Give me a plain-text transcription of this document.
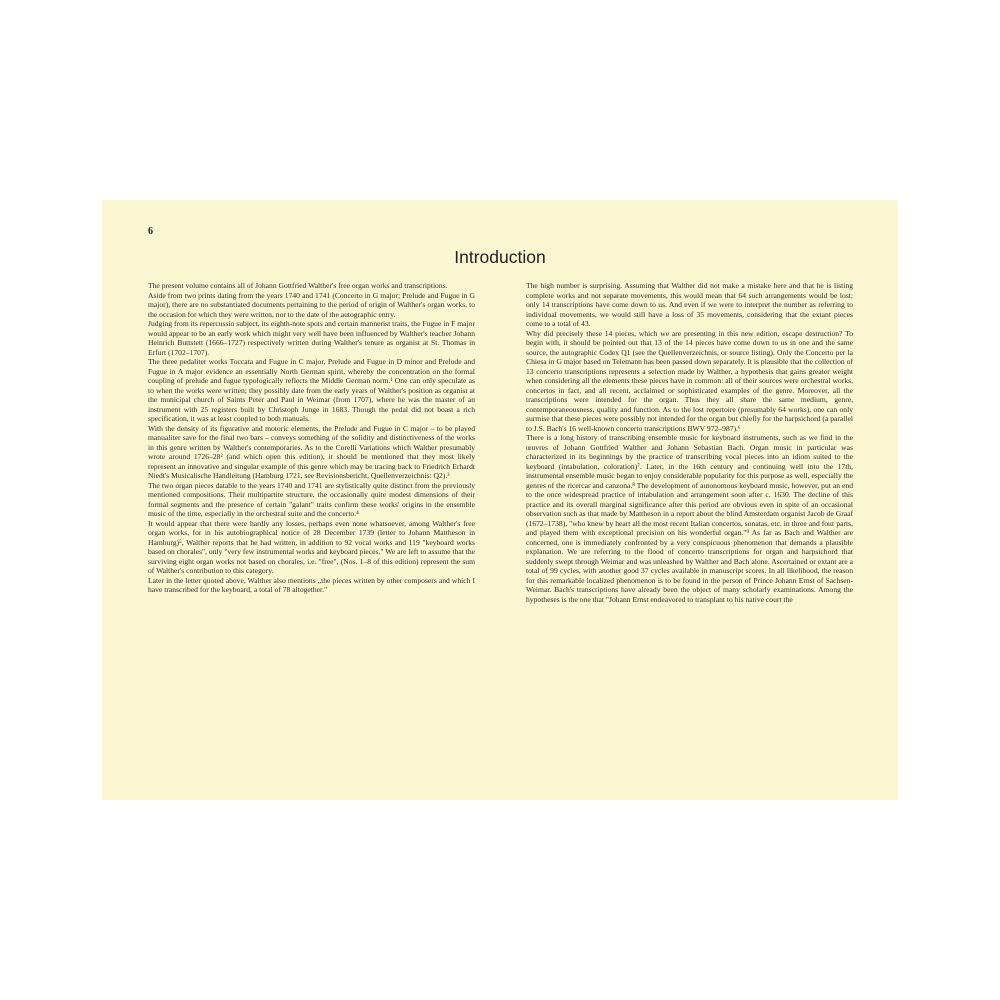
6
Introduction

The present volume contains all of Johann Gottfried Walther's free organ works and transcriptions.

Aside from two prints dating from the years 1740 and 1741 (Concerto in G major; Prelude and Fugue in G major), there are no substantiated documents pertaining to the period of origin of Walther's organ works, to the occasion for which they were written, nor to the date of the autographic entry.

Judging from its repercussio subject, its eighth-note spots and certain mannerist traits, the Fugue in F major would appear to be an early work which might very well have been influenced by Walther's teacher Johann Heinrich Buttstett (1666–1727) respectively written during Walther's tenure as organist at St. Thomas in Erfurt (1702–1707).

The three pedaliter works Toccata and Fugue in C major, Prelude and Fugue in D minor and Prelude and Fugue in A major evidence an essentially North German spirit, whereby the concentration on the formal coupling of prelude and fugue typologically reflects the Middle German norm.¹ One can only speculate as to when the works were written; they possibly date from the early years of Walther's position as organist at the municipal church of Saints Peter and Paul in Weimar (from 1707), where he was the master of an instrument with 25 registers built by Christoph Junge in 1683. Though the pedal did not boast a rich specification, it was at least coupled to both manuals.

With the density of its figurative and motoric elements, the Prelude and Fugue in C major – to be played manualiter save for the final two bars – conveys something of the solidity and distinctiveness of the works in this genre written by Walther's contemporaries. As to the Corelli Variations which Walther presumably wrote around 1726–28² (and which open this edition), it should be mentioned that they most likely represent an innovative and singular example of this genre which may be tracing back to Friedrich Erhardt Niedt's Musicalische Handleitung (Hamburg 1721, see Revisionsbericht, Quellenverzeichnis: Q2).³

The two organ pieces datable to the years 1740 and 1741 are stylistically quite distinct from the previously mentioned compositions. Their multipartite structure, the occasionally quite modest dimensions of their formal segments and the presence of certain "galant" traits confirm these works' origins in the ensemble music of the time, especially in the orchestral suite and the concerto.⁴

It would appear that there were hardly any losses, perhaps even none whatsoever, among Walther's free organ works, for in his autobiographical notice of 28 December 1739 (letter to Johann Mattheson in Hamburg)⁵, Walther reports that he had written, in addition to 92 vocal works and 119 "keyboard works based on chorales", only "very few instrumental works and keyboard pieces." We are left to assume that the surviving eight organ works not based on chorales, i.e. "free", (Nos. 1–8 of this edition) represent the sum of Walther's contribution to this category.

Later in the letter quoted above, Walther also mentions „the pieces written by other composers and which I have transcribed for the keyboard, a total of 78 altogether."

The high number is surprising. Assuming that Walther did not make a mistake here and that he is listing complete works and not separate movements, this would mean that 64 such arrangements would be lost; only 14 transcriptions have come down to us. And even if we were to interpret the number as referring to individual movements, we would still have a loss of 35 movements, considering that the extant pieces come to a total of 43.

Why did precisely these 14 pieces, which we are presenting in this new edition, escape destruction? To begin with, it should be pointed out that 13 of the 14 pieces have come down to us in one and the same source, the autographic Codex Q1 (see the Quellenverzeichnis, or source listing). Only the Concerto per la Chiesa in G major based on Telemann has been passed down separately. It is plausible that the collection of 13 concerto transcriptions represents a selection made by Walther, a hypothesis that gains greater weight when considering all the elements these pieces have in common: all of their sources were orchestral works, concertos in fact, and all recent, acclaimed or sophisticated examples of the genre. Moreover, all the transcriptions were intended for the organ. Thus they all share the same medium, genre, contemporaneousness, quality and function. As to the lost repertoire (presumably 64 works), one can only surmise that these pieces were possibly not intended for the organ but chiefly for the harpsichord (a parallel to J.S. Bach's 16 well-known concerto transcriptions BWV 972–987).⁶

There is a long history of transcribing ensemble music for keyboard instruments, such as we find in the œuvres of Johann Gottfried Walther and Johann Sebastian Bach. Organ music in particular was characterized in its beginnings by the practice of transcribing vocal pieces into an idiom suited to the keyboard (intabulation, coloration)⁷. Later, in the 16th century and continuing well into the 17th, instrumental ensemble music began to enjoy considerable popularity for this purpose as well, especially the genres of the ricercar and canzona.⁸ The development of autonomous keyboard music, however, put an end to the once widespread practice of intabulation and arrangement soon after c. 1630. The decline of this practice and its overall marginal significance after this period are obvious even in spite of an occasional observation such as that made by Mattheson in a report about the blind Amsterdam organist Jacob de Graaf (1672–1738), "who knew by heart all the most recent Italian concertos, sonatas, etc. in three and four parts, and played them with exceptional precision on his wonderful organ."⁹ As far as Bach and Walther are concerned, one is immediately confronted by a very conspicuous phenomenon that demands a plausible explanation. We are referring to the flood of concerto transcriptions for organ and harpsichord that suddenly swept through Weimar and was unleashed by Walther and Bach alone. Ascertained or extant are a total of 99 cycles, with another good 37 cycles available in manuscript scores. In all likelihood, the reason for this remarkable localized phenomenon is to be found in the person of Prince Johann Ernst of Sachsen-Weimar. Bach's transcriptions have already been the object of many scholarly examinations. Among the hypotheses is the one that "Johann Ernst endeavored to transplant to his native court the
